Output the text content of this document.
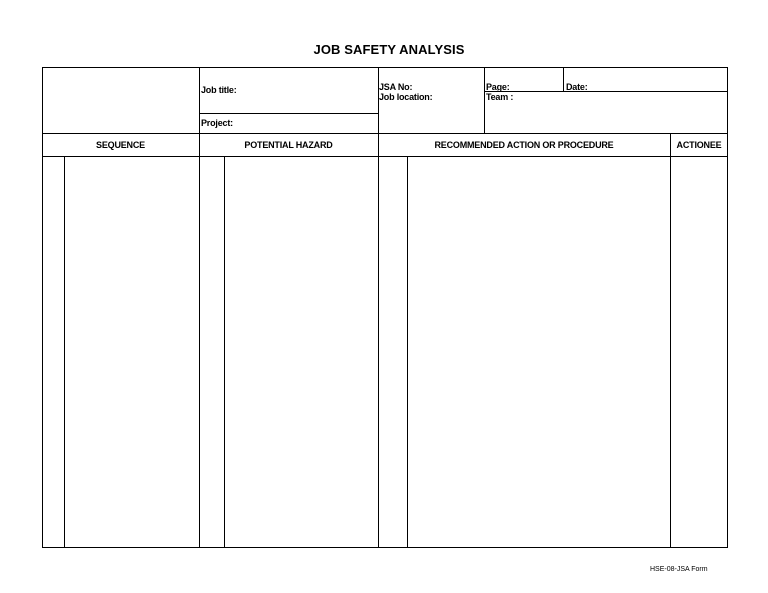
JOB SAFETY ANALYSIS
Job title:
Project:
JSA No:
Job location:
Page:	Date:
Team :
SEQUENCE	POTENTIAL HAZARD	RECOMMENDED ACTION OR PROCEDURE	ACTIONEE
HSE-08-JSA Form
